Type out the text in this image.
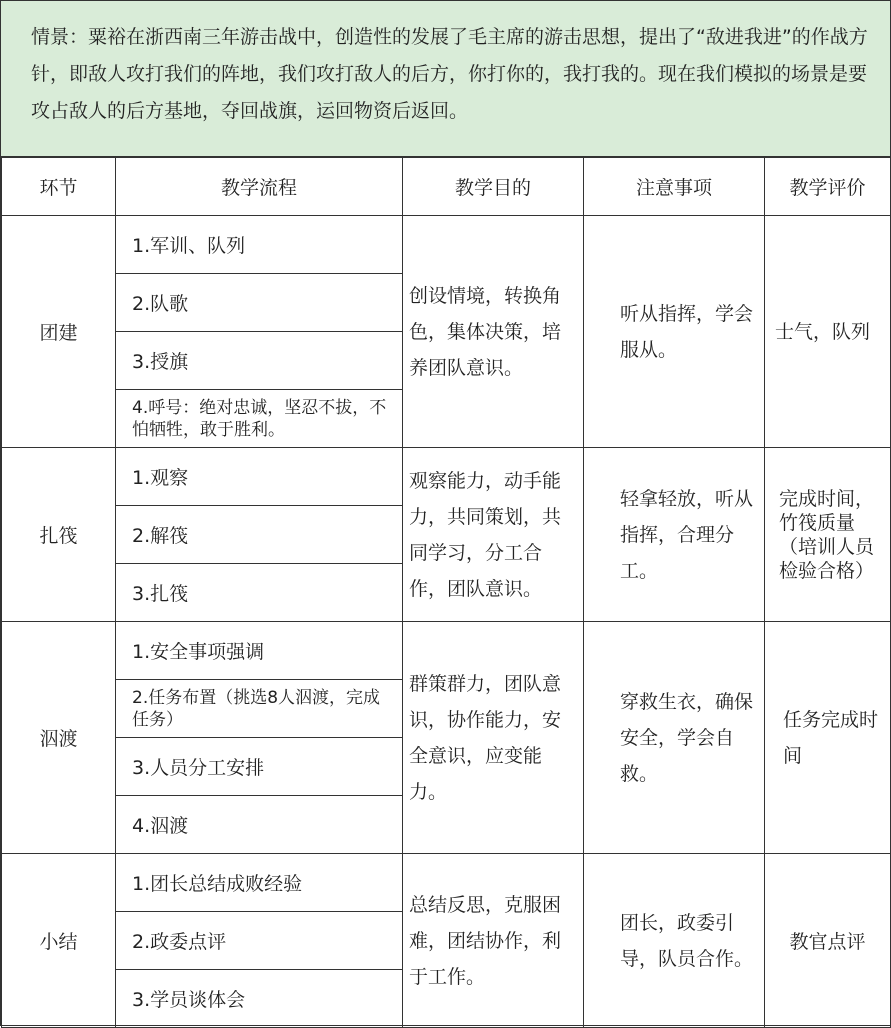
情景：粟裕在浙西南三年游击战中，创造性的发展了毛主席的游击思想，提出了“敌进我进”的作战方针，即敌人攻打我们的阵地，我们攻打敌人的后方，你打你的，我打我的。现在我们模拟的场景是要攻占敌人的后方基地，夺回战旗，运回物资后返回。
环节	教学流程	教学目的	注意事项	教学评价
团建	1.军训、队列	创设情境，转换角色，集体决策，培养团队意识。	听从指挥，学会服从。	士气，队列
	2.队歌			
	3.授旗			
	4.呼号：绝对忠诚，坚忍不拔，不怕牺牲，敢于胜利。			
扎筏	1.观察	观察能力，动手能力，共同策划，共同学习，分工合作，团队意识。	轻拿轻放，听从指挥，合理分工。	完成时间，竹筏质量（培训人员检验合格）
	2.解筏			
	3.扎筏			
泅渡	1.安全事项强调	群策群力，团队意识，协作能力，安全意识，应变能力。	穿救生衣，确保安全，学会自救。	任务完成时间
	2.任务布置（挑选8人泅渡，完成任务）			
	3.人员分工安排			
	4.泅渡			
小结	1.团长总结成败经验	总结反思，克服困难，团结协作，利于工作。	团长，政委引导，队员合作。	教官点评
	2.政委点评			
	3.学员谈体会			
